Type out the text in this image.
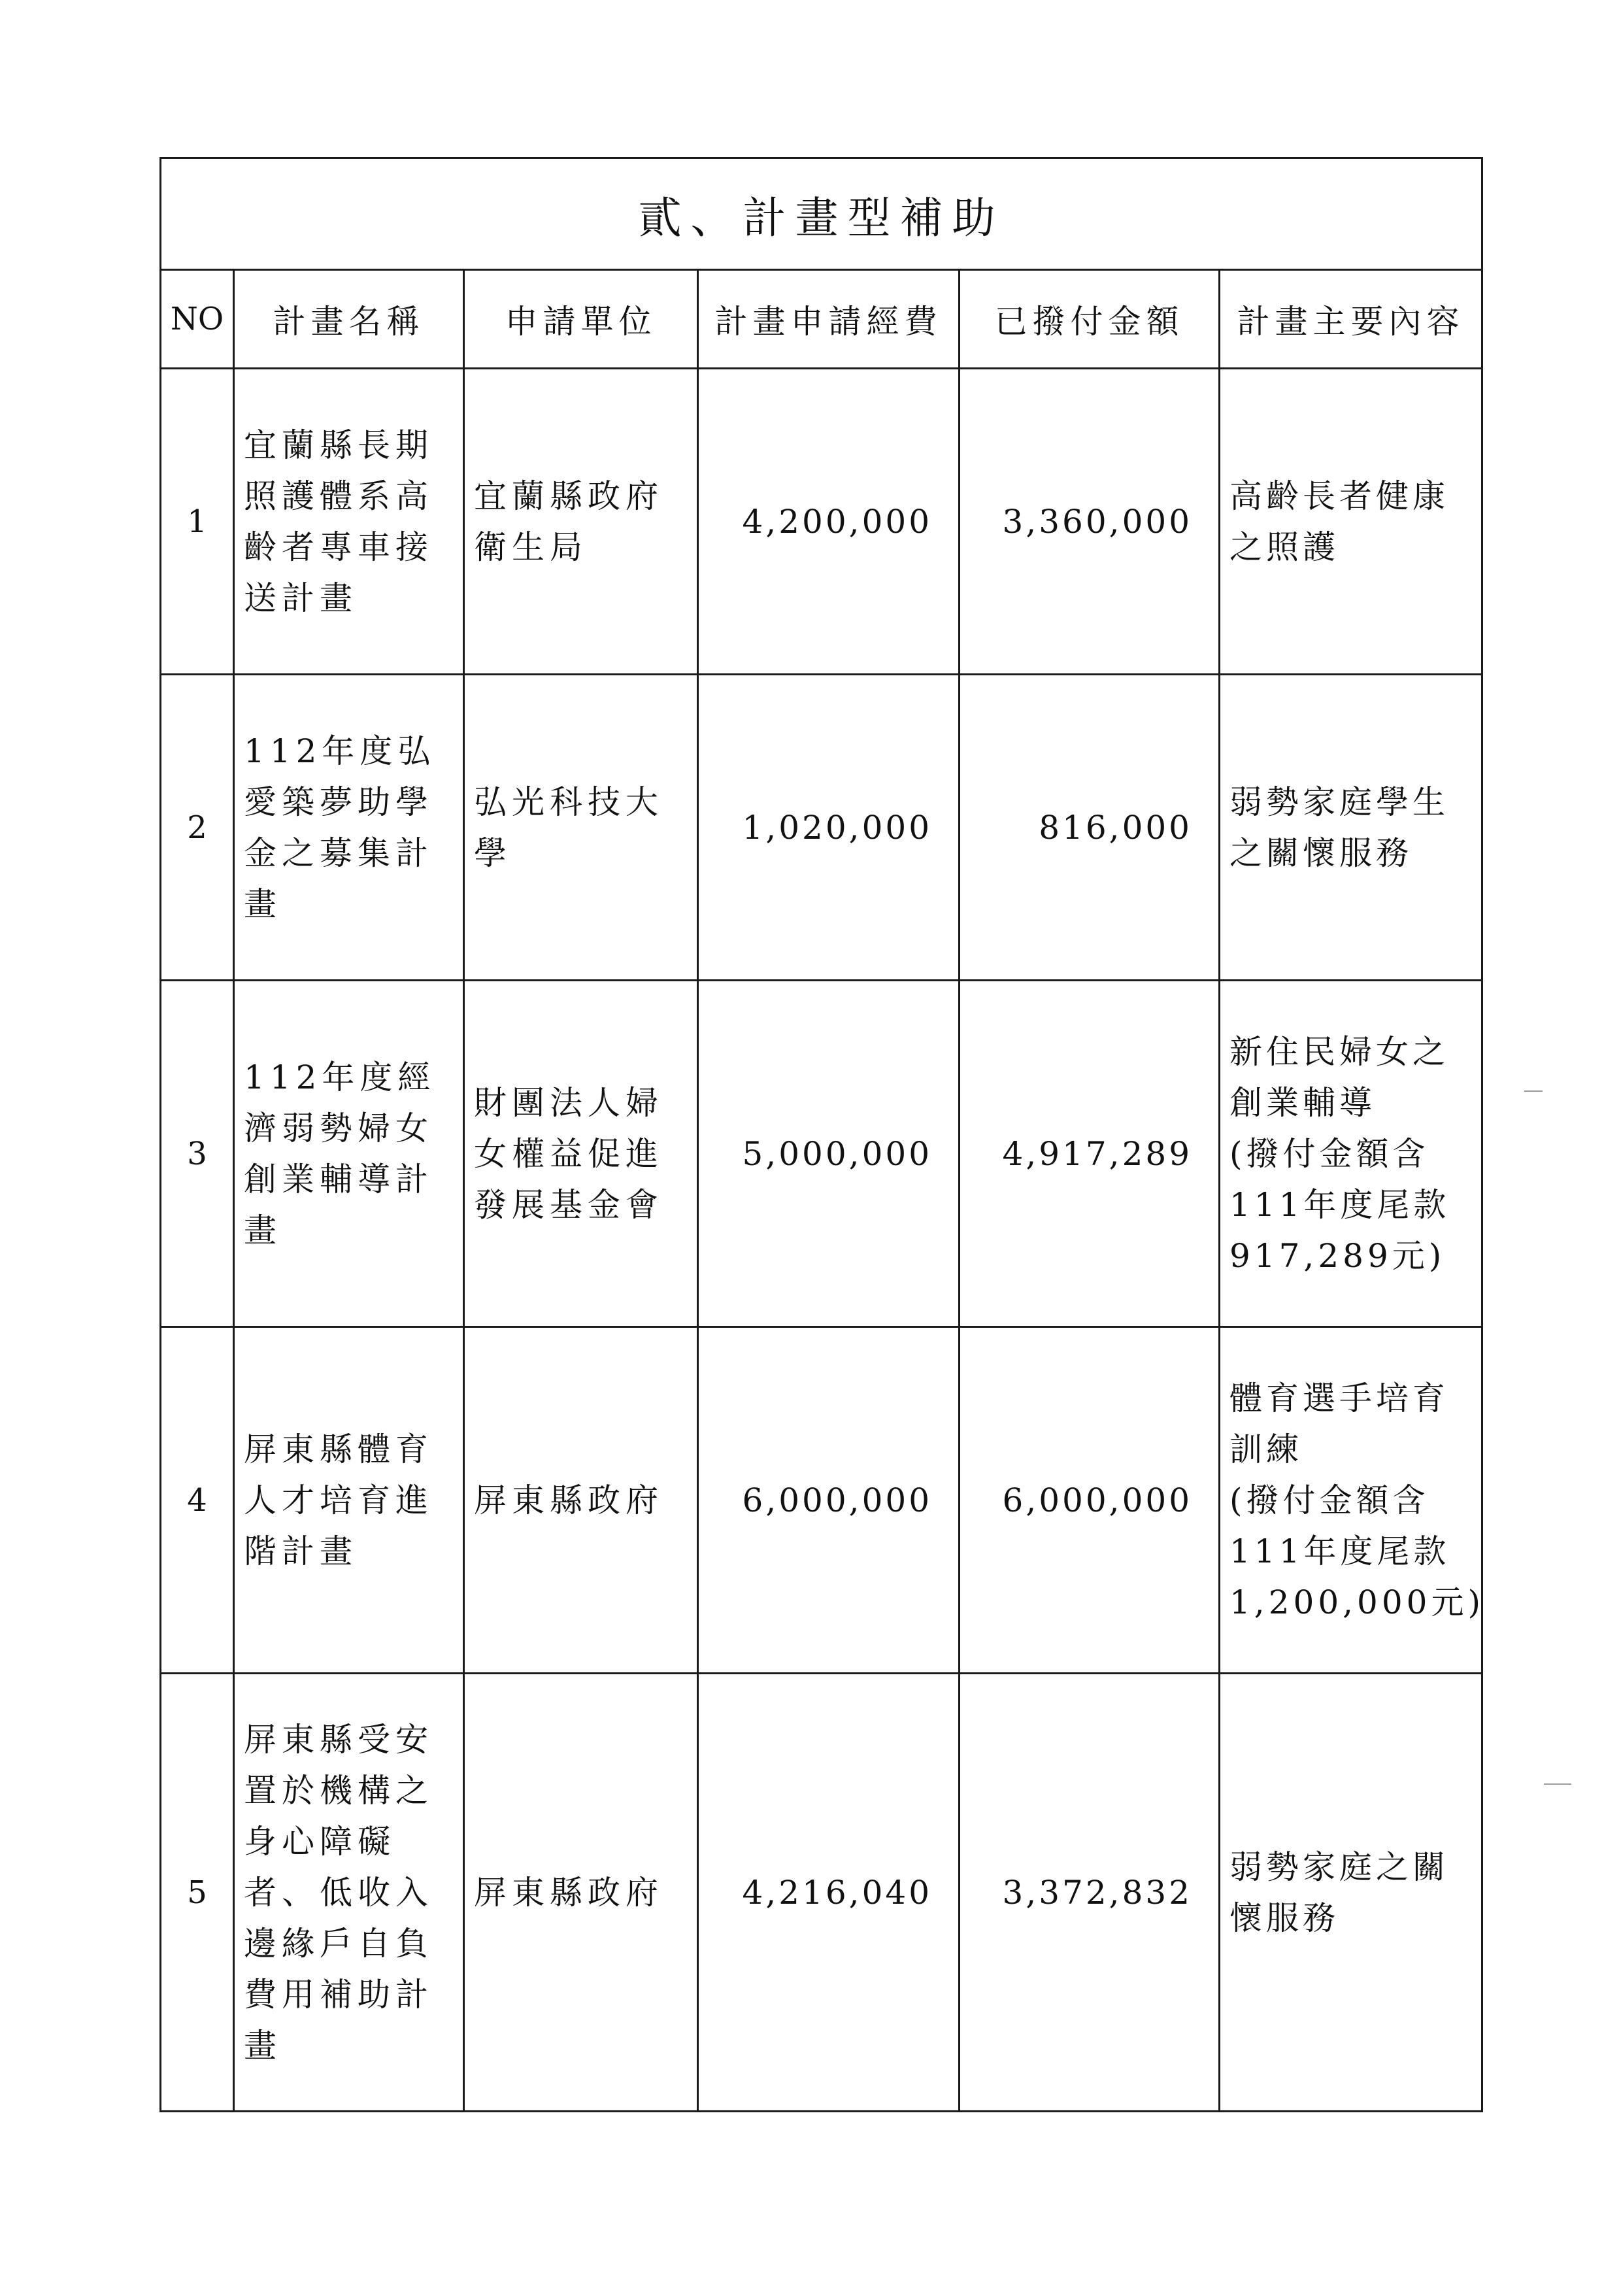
貳、計畫型補助					
NO	計畫名稱	申請單位	計畫申請經費	已撥付金額	計畫主要內容
1	宜蘭縣長期照護體系高齡者專車接送計畫	宜蘭縣政府衛生局	4,200,000	3,360,000	高齡長者健康
之照護

2	112年度弘愛築夢助學金之募集計畫	弘光科技大學	1,020,000	816,000	弱勢家庭學生
之關懷服務

3	112年度經濟弱勢婦女創業輔導計畫	財團法人婦女權益促進發展基金會	5,000,000	4,917,289	新住民婦女之
創業輔導
(撥付金額含
111年度尾款
917,289元)

4	屏東縣體育人才培育進階計畫	屏東縣政府	6,000,000	6,000,000	體育選手培育
訓練
(撥付金額含
111年度尾款
1,200,000元)

5	屏東縣受安置於機構之身心障礙者、低收入邊緣戶自負費用補助計畫	屏東縣政府	4,216,040	3,372,832	弱勢家庭之關
懷服務
